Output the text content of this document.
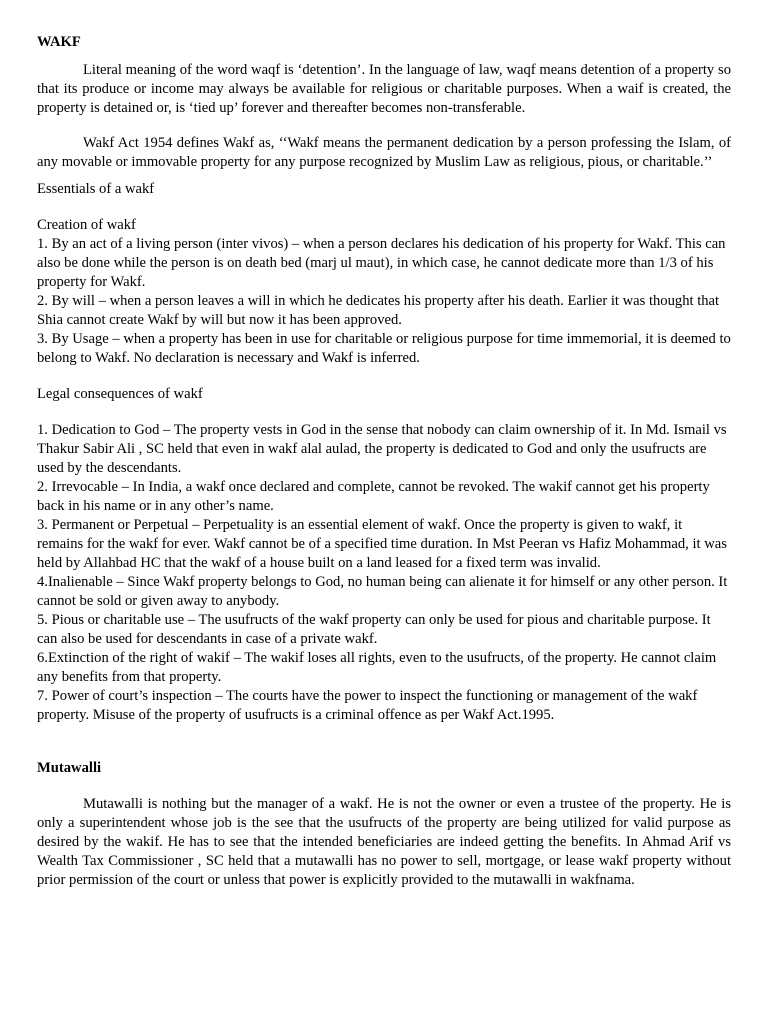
WAKF

Literal meaning of the word waqf is ‘detention’. In the language of law, waqf means detention of a property so that its produce or income may always be available for religious or charitable purposes. When a waif is created, the property is detained or, is ‘tied up’ forever and thereafter becomes non-transferable.

Wakf Act 1954 defines Wakf as, ‘‘Wakf means the permanent dedication by a person professing the Islam, of any movable or immovable property for any purpose recognized by Muslim Law as religious, pious, or charitable.’’

Essentials of a wakf

Creation of wakf

1. By an act of a living person (inter vivos) – when a person declares his dedication of his property for Wakf. This can also be done while the person is on death bed (marj ul maut), in which case, he cannot dedicate more than 1/3 of his property for Wakf.

2. By will – when a person leaves a will in which he dedicates his property after his death. Earlier it was thought that Shia cannot create Wakf by will but now it has been approved.

3. By Usage – when a property has been in use for charitable or religious purpose for time immemorial, it is deemed to belong to Wakf. No declaration is necessary and Wakf is inferred.

Legal consequences of wakf

1. Dedication to God – The property vests in God in the sense that nobody can claim ownership of it. In Md. Ismail vs Thakur Sabir Ali , SC held that even in wakf alal aulad, the property is dedicated to God and only the usufructs are used by the descendants.

2. Irrevocable – In India, a wakf once declared and complete, cannot be revoked. The wakif cannot get his property back in his name or in any other’s name.

3. Permanent or Perpetual – Perpetuality is an essential element of wakf. Once the property is given to wakf, it remains for the wakf for ever. Wakf cannot be of a specified time duration. In Mst Peeran vs Hafiz Mohammad, it was held by Allahbad HC that the wakf of a house built on a land leased for a fixed term was invalid.

4.Inalienable – Since Wakf property belongs to God, no human being can alienate it for himself or any other person. It cannot be sold or given away to anybody.

5. Pious or charitable use – The usufructs of the wakf property can only be used for pious and charitable purpose. It can also be used for descendants in case of a private wakf.

6.Extinction of the right of wakif – The wakif loses all rights, even to the usufructs, of the property. He cannot claim any benefits from that property.

7. Power of court’s inspection – The courts have the power to inspect the functioning or management of the wakf property. Misuse of the property of usufructs is a criminal offence as per Wakf Act.1995.

Mutawalli

Mutawalli is nothing but the manager of a wakf. He is not the owner or even a trustee of the property. He is only a superintendent whose job is the see that the usufructs of the property are being utilized for valid purpose as desired by the wakif. He has to see that the intended beneficiaries are indeed getting the benefits. In Ahmad Arif vs Wealth Tax Commissioner , SC held that a mutawalli has no power to sell, mortgage, or lease wakf property without prior permission of the court or unless that power is explicitly provided to the mutawalli in wakfnama.
